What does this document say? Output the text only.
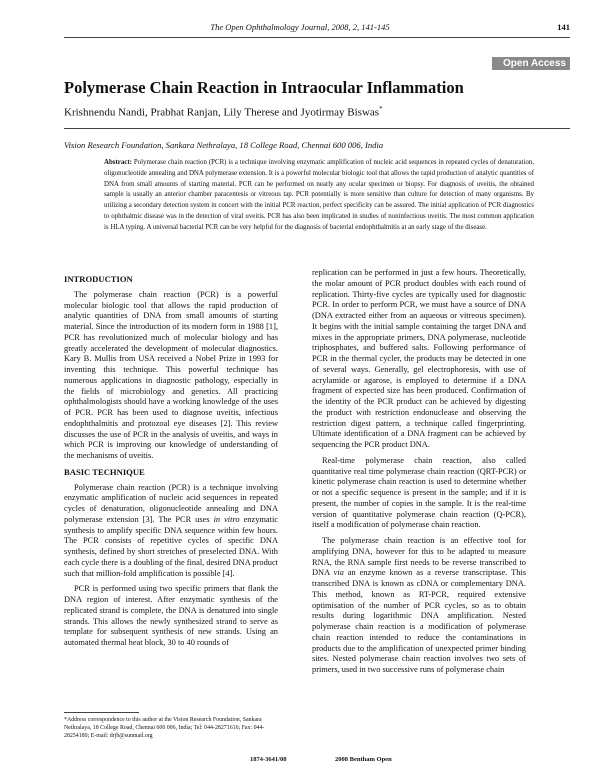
The Open Ophthalmology Journal, 2008, 2, 141-145	141
Open Access
Polymerase Chain Reaction in Intraocular Inflammation
Krishnendu Nandi, Prabhat Ranjan, Lily Therese and Jyotirmay Biswas*
Vision Research Foundation, Sankara Nethralaya, 18 College Road, Chennai 600 006, India
Abstract: Polymerase chain reaction (PCR) is a technique involving enzymatic amplification of nucleic acid sequences in repeated cycles of denaturation, oligonucleotide annealing and DNA polymerase extension. It is a powerful molecular biologic tool that allows the rapid production of analytic quantities of DNA from small amounts of starting material. PCR can be performed on nearly any ocular specimen or biopsy. For diagnosis of uveitis, the obtained sample is usually an anterior chamber paracentesis or vitreous tap. PCR potentially is more sensitive than culture for detection of many organisms. By utilizing a secondary detection system in concert with the initial PCR reaction, perfect specificity can be assured. The initial application of PCR diagnostics to ophthalmic disease was in the detection of viral uveitis. PCR has also been implicated in studies of noninfectious uveitis. The most common application is HLA typing. A universal bacterial PCR can be very helpful for the diagnosis of bacterial endophthalmitis at an early stage of the disease.
INTRODUCTION

The polymerase chain reaction (PCR) is a powerful molecular biologic tool that allows the rapid production of analytic quantities of DNA from small amounts of starting material. Since the introduction of its modern form in 1988 [1], PCR has revolutionized much of molecular biology and has greatly accelerated the development of molecular diagnostics. Kary B. Mullis from USA received a Nobel Prize in 1993 for inventing this technique. This powerful technique has numerous applications in diagnostic pathology, especially in the fields of microbiology and genetics. All practicing ophthalmologists should have a working knowledge of the uses of PCR. PCR has been used to diagnose uveitis, infectious endophthalmitis and protozoal eye diseases [2]. This review discusses the use of PCR in the analysis of uveitis, and ways in which PCR is improving our knowledge of understanding of the mechanisms of uveitis.

BASIC TECHNIQUE

Polymerase chain reaction (PCR) is a technique involving enzymatic amplification of nucleic acid sequences in repeated cycles of denaturation, oligonucleotide annealing and DNA polymerase extension [3]. The PCR uses in vitro enzymatic synthesis to amplify specific DNA sequence within few hours. The PCR consists of repetitive cycles of specific DNA synthesis, defined by short stretches of preselected DNA. With each cycle there is a doubling of the final, desired DNA product such that million-fold amplification is possible [4].

PCR is performed using two specific primers that flank the DNA region of interest. After enzymatic synthesis of the replicated strand is complete, the DNA is denatured into single strands. This allows the newly synthesized strand to serve as template for subsequent synthesis of new strands. Using an automated thermal heat block, 30 to 40 rounds of

replication can be performed in just a few hours. Theoretically, the molar amount of PCR product doubles with each round of replication. Thirty-five cycles are typically used for diagnostic PCR. In order to perform PCR, we must have a source of DNA (DNA extracted either from an aqueous or vitreous specimen). It begins with the initial sample containing the target DNA and mixes in the appropriate primers, DNA polymerase, nucleotide triphosphates, and buffered salts. Following performance of PCR in the thermal cycler, the products may be detected in one of several ways. Generally, gel electrophoresis, with use of acrylamide or agarose, is employed to determine if a DNA fragment of expected size has been produced. Confirmation of the identity of the PCR product can be achieved by digesting the product with restriction endonuclease and observing the restriction digest pattern, a technique called fingerprinting. Ultimate identification of a DNA fragment can be achieved by sequencing the PCR product DNA.

Real-time polymerase chain reaction, also called quantitative real time polymerase chain reaction (QRT-PCR) or kinetic polymerase chain reaction is used to determine whether or not a specific sequence is present in the sample; and if it is present, the number of copies in the sample. It is the real-time version of quantitative polymerase chain reaction (Q-PCR), itself a modification of polymerase chain reaction.

The polymerase chain reaction is an effective tool for amplifying DNA, however for this to be adapted to measure RNA, the RNA sample first needs to be reverse transcribed to DNA via an enzyme known as a reverse transcriptase. This transcribed DNA is known as cDNA or complementary DNA. This method, known as RT-PCR, required extensive optimisation of the number of PCR cycles, so as to obtain results during logarithmic DNA amplification. Nested polymerase chain reaction is a modification of polymerase chain reaction intended to reduce the contaminations in products due to the amplification of unexpected primer binding sites. Nested polymerase chain reaction involves two sets of primers, used in two successive runs of polymerase chain

*Address correspondence to this author at the Vision Research Foundation, Sankara Nethralaya, 18 College Road, Chennai 600 006, India; Tel: 044-28271616; Fax: 044-28254180; E-mail: drjb@sunmail.org
1874-3641/08	2008 Bentham Open
